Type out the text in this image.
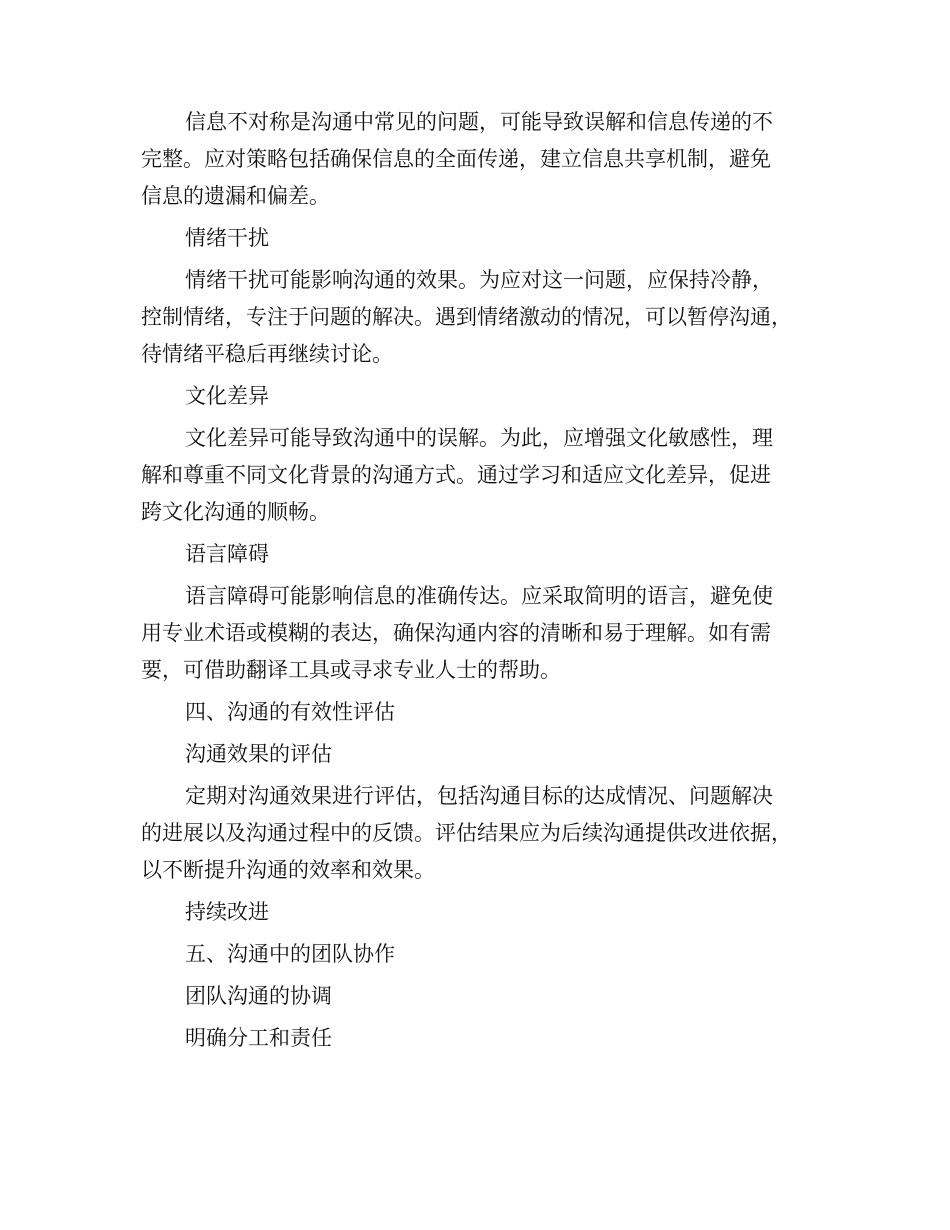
信息不对称是沟通中常见的问题，可能导致误解和信息传递的不
完整。应对策略包括确保信息的全面传递，建立信息共享机制，避免
信息的遗漏和偏差。

情绪干扰

情绪干扰可能影响沟通的效果。为应对这一问题，应保持冷静，
控制情绪，专注于问题的解决。遇到情绪激动的情况，可以暂停沟通，
待情绪平稳后再继续讨论。

文化差异

文化差异可能导致沟通中的误解。为此，应增强文化敏感性，理
解和尊重不同文化背景的沟通方式。通过学习和适应文化差异，促进
跨文化沟通的顺畅。

语言障碍

语言障碍可能影响信息的准确传达。应采取简明的语言，避免使
用专业术语或模糊的表达，确保沟通内容的清晰和易于理解。如有需
要，可借助翻译工具或寻求专业人士的帮助。

四、沟通的有效性评估

沟通效果的评估

定期对沟通效果进行评估，包括沟通目标的达成情况、问题解决
的进展以及沟通过程中的反馈。评估结果应为后续沟通提供改进依据，
以不断提升沟通的效率和效果。

持续改进

五、沟通中的团队协作

团队沟通的协调

明确分工和责任
